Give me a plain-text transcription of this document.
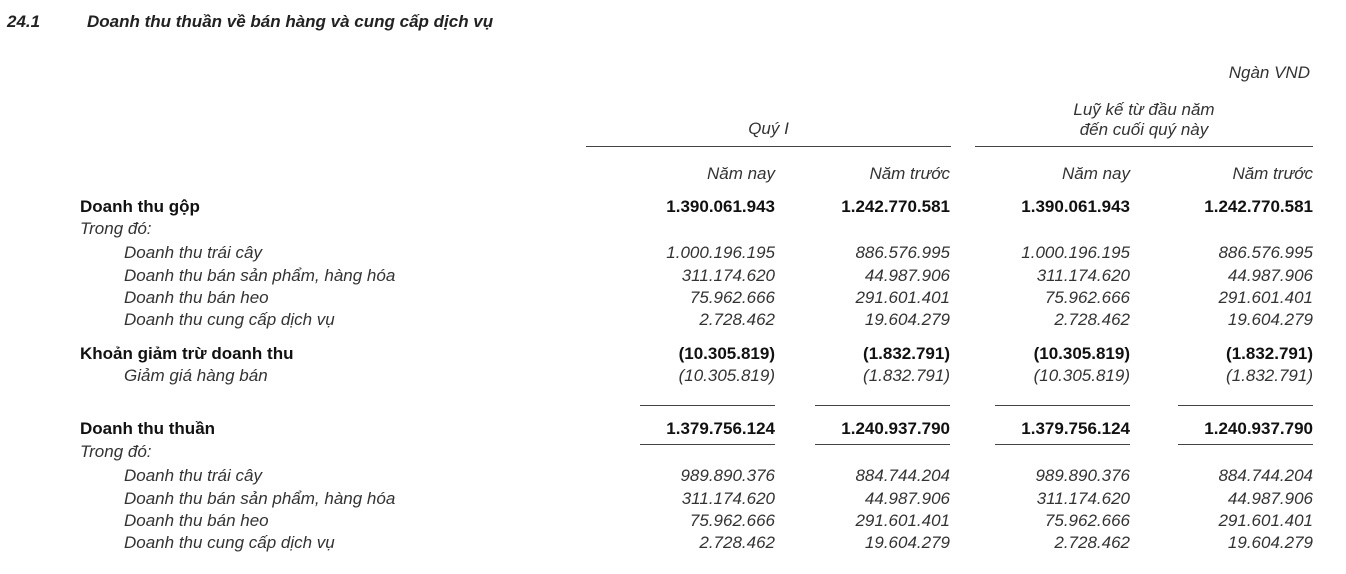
24.1	Doanh thu thuần về bán hàng và cung cấp dịch vụ
Ngàn VND
Quý I
Luỹ kế từ đầu năm
đến cuối quý này
Năm nay	Năm trước	Năm nay	Năm trước
Doanh thu gộp	1.390.061.943	1.242.770.581	1.390.061.943	1.242.770.581
Trong đó:
Doanh thu trái cây	1.000.196.195	886.576.995	1.000.196.195	886.576.995
Doanh thu bán sản phẩm, hàng hóa	311.174.620	44.987.906	311.174.620	44.987.906
Doanh thu bán heo	75.962.666	291.601.401	75.962.666	291.601.401
Doanh thu cung cấp dịch vụ	2.728.462	19.604.279	2.728.462	19.604.279
Khoản giảm trừ doanh thu	(10.305.819)	(1.832.791)	(10.305.819)	(1.832.791)
Giảm giá hàng bán	(10.305.819)	(1.832.791)	(10.305.819)	(1.832.791)
Doanh thu thuần	1.379.756.124	1.240.937.790	1.379.756.124	1.240.937.790
Trong đó:
Doanh thu trái cây	989.890.376	884.744.204	989.890.376	884.744.204
Doanh thu bán sản phẩm, hàng hóa	311.174.620	44.987.906	311.174.620	44.987.906
Doanh thu bán heo	75.962.666	291.601.401	75.962.666	291.601.401
Doanh thu cung cấp dịch vụ	2.728.462	19.604.279	2.728.462	19.604.279
